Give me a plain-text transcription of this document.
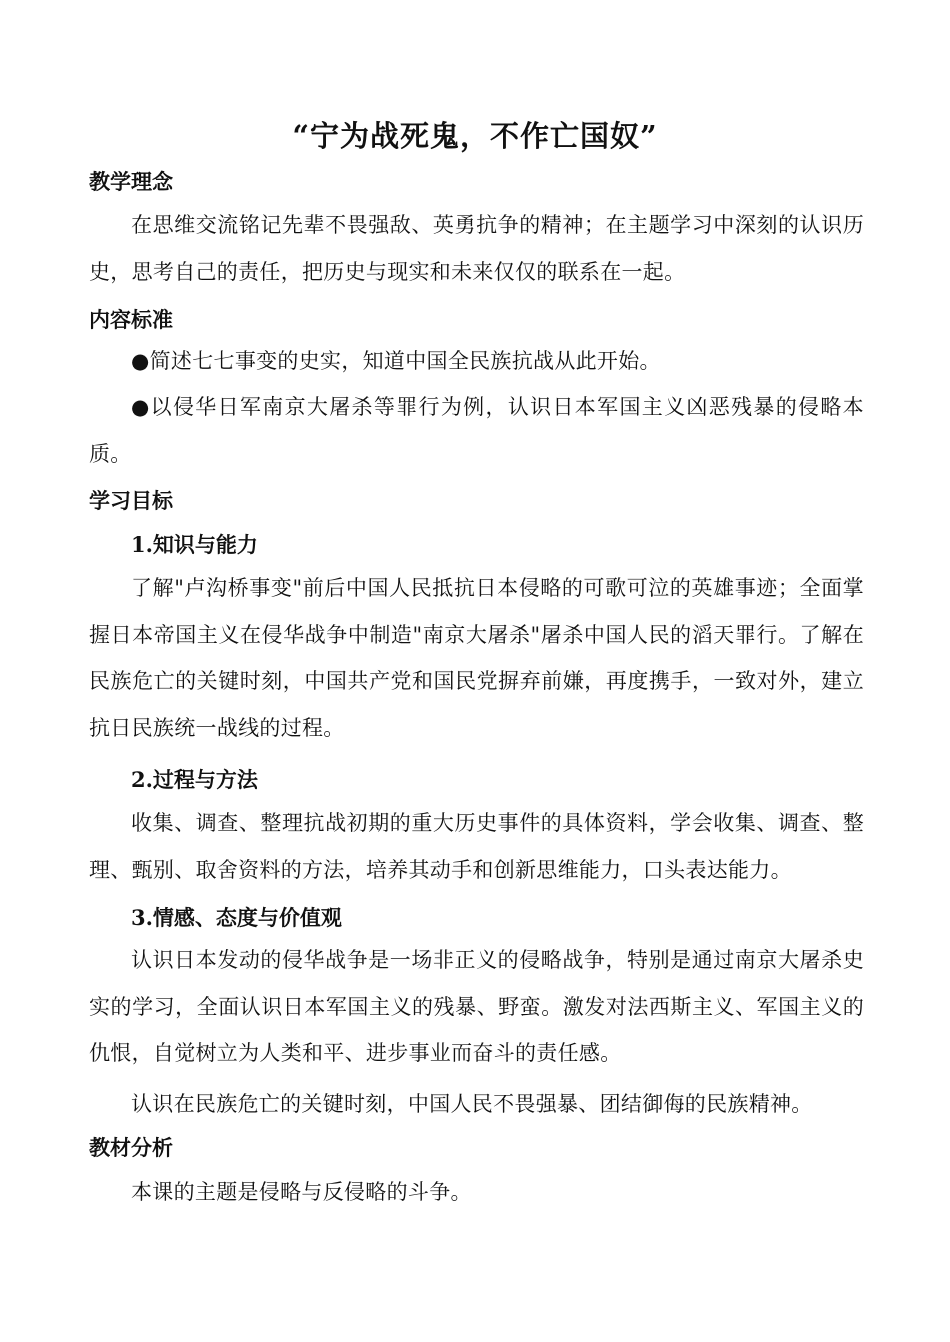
“宁为战死鬼，不作亡国奴”
教学理念
在思维交流铭记先辈不畏强敌、英勇抗争的精神；在主题学习中深刻的认识历史，思考自己的责任，把历史与现实和未来仅仅的联系在一起。
内容标准
●简述七七事变的史实，知道中国全民族抗战从此开始。
●以侵华日军南京大屠杀等罪行为例，认识日本军国主义凶恶残暴的侵略本质。
学习目标
1.知识与能力
了解"卢沟桥事变"前后中国人民抵抗日本侵略的可歌可泣的英雄事迹；全面掌握日本帝国主义在侵华战争中制造"南京大屠杀"屠杀中国人民的滔天罪行。了解在民族危亡的关键时刻，中国共产党和国民党摒弃前嫌，再度携手，一致对外，建立抗日民族统一战线的过程。
2.过程与方法
收集、调查、整理抗战初期的重大历史事件的具体资料，学会收集、调查、整理、甄别、取舍资料的方法，培养其动手和创新思维能力，口头表达能力。
3.情感、态度与价值观
认识日本发动的侵华战争是一场非正义的侵略战争，特别是通过南京大屠杀史实的学习，全面认识日本军国主义的残暴、野蛮。激发对法西斯主义、军国主义的仇恨，自觉树立为人类和平、进步事业而奋斗的责任感。
认识在民族危亡的关键时刻，中国人民不畏强暴、团结御侮的民族精神。
教材分析
本课的主题是侵略与反侵略的斗争。
